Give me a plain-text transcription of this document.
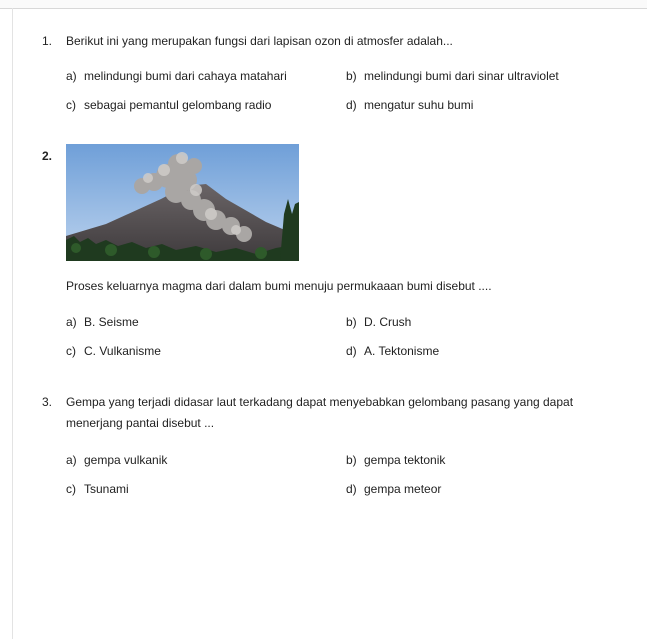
1.	Berikut ini yang merupakan fungsi dari lapisan ozon di atmosfer adalah...
a) melindungi bumi dari cahaya matahari	b) melindungi bumi dari sinar ultraviolet
c) sebagai pemantul gelombang radio	d) mengatur suhu bumi
2.
Proses keluarnya magma dari dalam bumi menuju permukaaan bumi disebut ....
a) B. Seisme	b) D. Crush
c) C. Vulkanisme	d) A. Tektonisme
3.	Gempa yang terjadi didasar laut terkadang dapat menyebabkan gelombang pasang yang dapat
menerjang pantai disebut ...
a) gempa vulkanik	b) gempa tektonik
c) Tsunami	d) gempa meteor
